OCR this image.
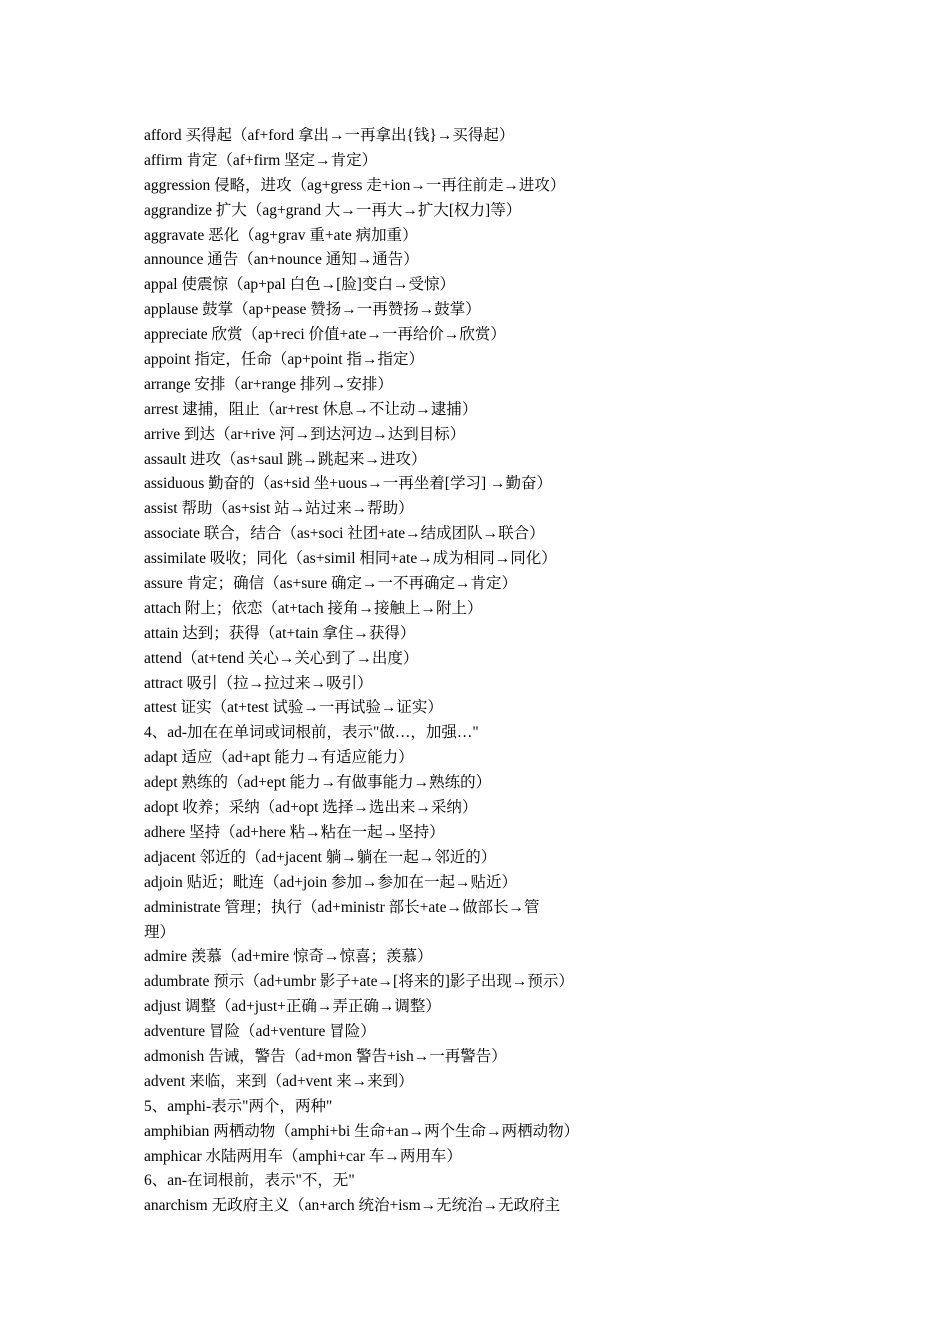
afford 买得起（af+ford 拿出→一再拿出{钱}→买得起）
affirm 肯定（af+firm 坚定→肯定）
aggression 侵略，进攻（ag+gress 走+ion→一再往前走→进攻）
aggrandize 扩大（ag+grand 大→一再大→扩大[权力]等）
aggravate 恶化（ag+grav 重+ate 病加重）
announce 通告（an+nounce 通知→通告）
appal 使震惊（ap+pal 白色→[脸]变白→受惊）
applause 鼓掌（ap+pease 赞扬→一再赞扬→鼓掌）
appreciate 欣赏（ap+reci 价值+ate→一再给价→欣赏）
appoint 指定，任命（ap+point 指→指定）
arrange 安排（ar+range 排列→安排）
arrest 逮捕，阻止（ar+rest 休息→不让动→逮捕）
arrive 到达（ar+rive 河→到达河边→达到目标）
assault 进攻（as+saul 跳→跳起来→进攻）
assiduous 勤奋的（as+sid 坐+uous→一再坐着[学习] →勤奋）
assist 帮助（as+sist 站→站过来→帮助）
associate 联合，结合（as+soci 社团+ate→结成团队→联合）
assimilate 吸收；同化（as+simil 相同+ate→成为相同→同化）
assure 肯定；确信（as+sure 确定→一不再确定→肯定）
attach 附上；依恋（at+tach 接角→接触上→附上）
attain 达到；获得（at+tain 拿住→获得）
attend（at+tend 关心→关心到了→出度）
attract 吸引（拉→拉过来→吸引）
attest 证实（at+test 试验→一再试验→证实）
4、ad-加在在单词或词根前，表示"做…，加强…"
adapt 适应（ad+apt 能力→有适应能力）
adept 熟练的（ad+ept 能力→有做事能力→熟练的）
adopt 收养；采纳（ad+opt 选择→选出来→采纳）
adhere 坚持（ad+here 粘→粘在一起→坚持）
adjacent 邻近的（ad+jacent 躺→躺在一起→邻近的）
adjoin 贴近；毗连（ad+join 参加→参加在一起→贴近）
administrate 管理；执行（ad+ministr 部长+ate→做部长→管
理）
admire 羡慕（ad+mire 惊奇→惊喜；羡慕）
adumbrate 预示（ad+umbr 影子+ate→[将来的]影子出现→预示）
adjust 调整（ad+just+正确→弄正确→调整）
adventure 冒险（ad+venture 冒险）
admonish 告诫，警告（ad+mon 警告+ish→一再警告）
advent 来临，来到（ad+vent 来→来到）
5、amphi-表示"两个，两种"
amphibian 两栖动物（amphi+bi 生命+an→两个生命→两栖动物）
amphicar 水陆两用车（amphi+car 车→两用车）
6、an-在词根前，表示"不，无"
anarchism 无政府主义（an+arch 统治+ism→无统治→无政府主
